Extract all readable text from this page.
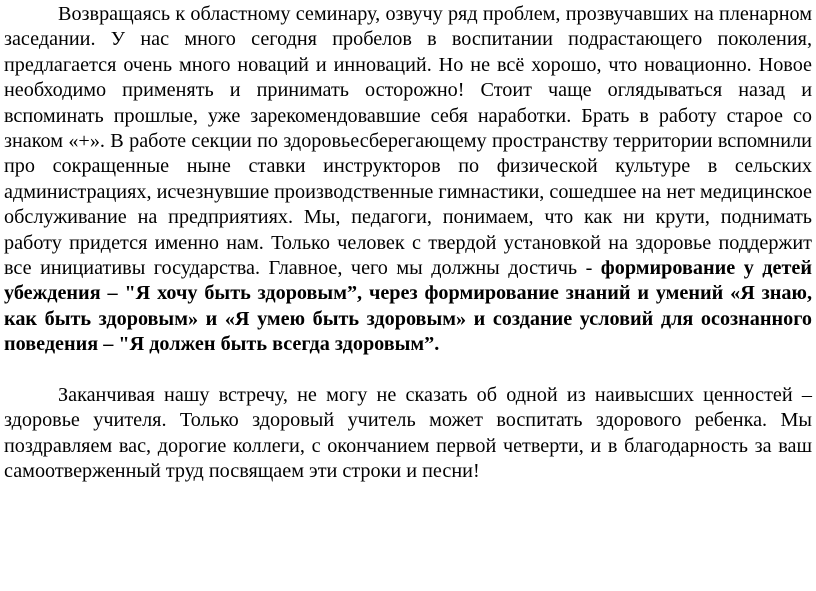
Возвращаясь к областному семинару, озвучу ряд проблем, прозвучавших на пленарном заседании. У нас много сегодня пробелов в воспитании подрастающего поколения, предлагается очень много новаций и инноваций. Но не всё хорошо, что новационно. Новое необходимо применять и принимать осторожно! Стоит чаще оглядываться назад и вспоминать прошлые, уже зарекомендовавшие себя наработки. Брать в работу старое со знаком «+». В работе секции по здоровьесберегающему пространству территории вспомнили про сокращенные ныне ставки инструкторов по физической культуре в сельских администрациях, исчезнувшие производственные гимнастики, сошедшее на нет медицинское обслуживание на предприятиях. Мы, педагоги, понимаем, что как ни крути, поднимать работу придется именно нам. Только человек с твердой установкой на здоровье поддержит все инициативы государства. Главное, чего мы должны достичь - формирование у детей убеждения – "Я хочу быть здоровым”, через формирование знаний и умений «Я знаю, как быть здоровым» и «Я умею быть здоровым» и создание условий для осознанного поведения – "Я должен быть всегда здоровым”.

Заканчивая нашу встречу, не могу не сказать об одной из наивысших ценностей – здоровье учителя. Только здоровый учитель может воспитать здорового ребенка. Мы поздравляем вас, дорогие коллеги, с окончанием первой четверти, и в благодарность за ваш самоотверженный труд посвящаем эти строки и песни!
